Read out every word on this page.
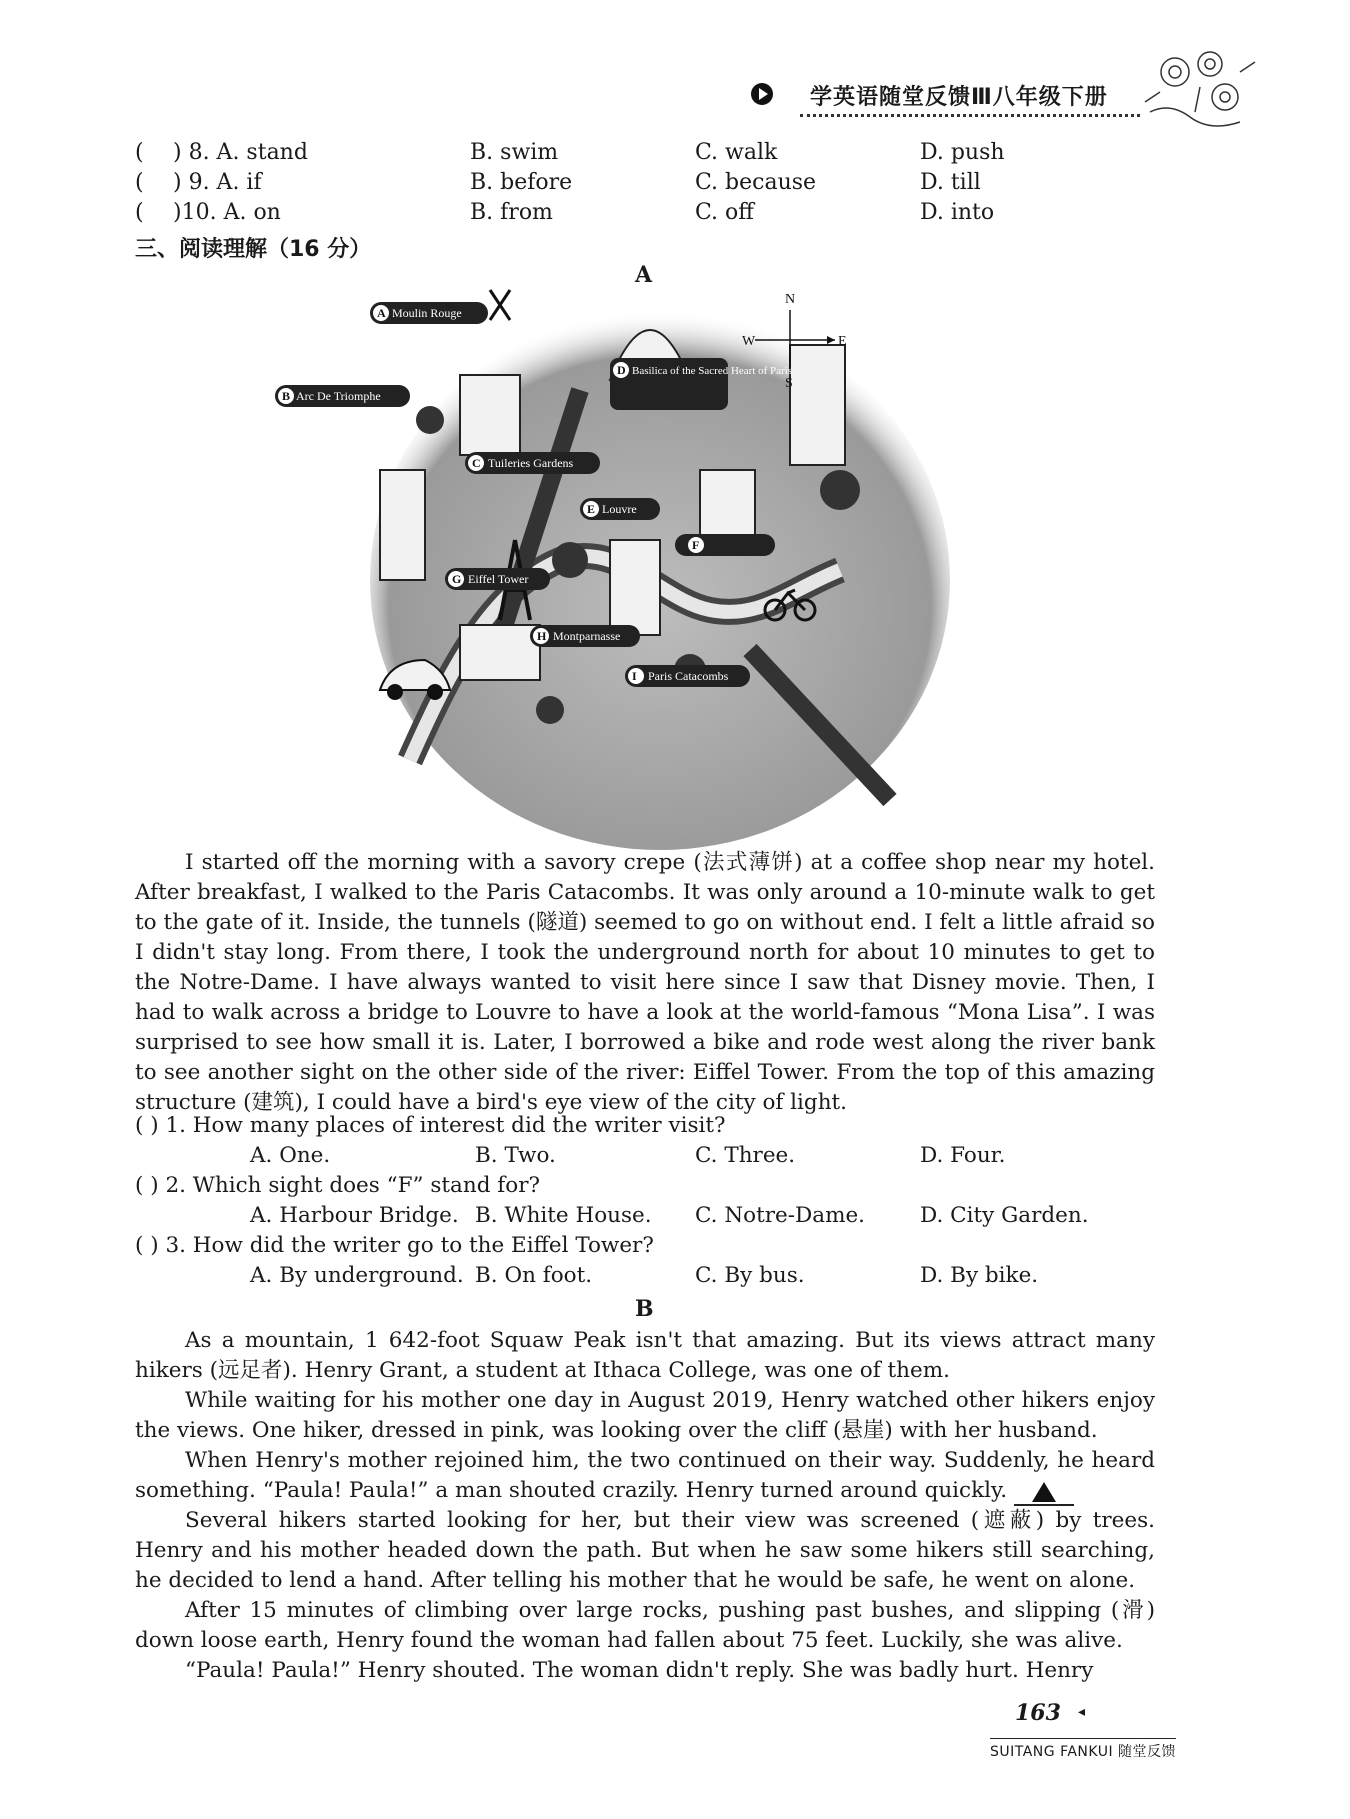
学英语随堂反馈Ⅲ八年级下册
( ) 8. A. stand	B. swim	C. walk	D. push
( ) 9. A. if	B. before	C. because	D. till
( )10. A. on	B. from	C. off	D. into
三、阅读理解（16 分）
A
N
S
W	E
A Moulin Rouge
B Arc De Triomphe
C Tuileries Gardens
D Basilica of the Sacred Heart of Paris
E Louvre
F
G Eiffel Tower
H Montparnasse
I Paris Catacombs

I started off the morning with a savory crepe (法式薄饼) at a coffee shop near my hotel. After breakfast, I walked to the Paris Catacombs. It was only around a 10-minute walk to get to the gate of it. Inside, the tunnels (隧道) seemed to go on without end. I felt a little afraid so I didn't stay long. From there, I took the underground north for about 10 minutes to get to the Notre-Dame. I have always wanted to visit here since I saw that Disney movie. Then, I had to walk across a bridge to Louvre to have a look at the world-famous “Mona Lisa”. I was surprised to see how small it is. Later, I borrowed a bike and rode west along the river bank to see another sight on the other side of the river: Eiffel Tower. From the top of this amazing structure (建筑), I could have a bird's eye view of the city of light.

( ) 1. How many places of interest did the writer visit?
A. One.	B. Two.	C. Three.	D. Four.
( ) 2. Which sight does “F” stand for?
A. Harbour Bridge. B. White House. C. Notre-Dame.	D. City Garden.
( ) 3. How did the writer go to the Eiffel Tower?
A. By underground. B. On foot.	C. By bus.	D. By bike.
B

As a mountain, 1 642-foot Squaw Peak isn't that amazing. But its views attract many hikers (远足者). Henry Grant, a student at Ithaca College, was one of them.

While waiting for his mother one day in August 2019, Henry watched other hikers enjoy the views. One hiker, dressed in pink, was looking over the cliff (悬崖) with her husband.

When Henry's mother rejoined him, the two continued on their way. Suddenly, he heard something. “Paula! Paula!” a man shouted crazily. Henry turned around quickly.

Several hikers started looking for her, but their view was screened (遮蔽) by trees. Henry and his mother headed down the path. But when he saw some hikers still searching, he decided to lend a hand. After telling his mother that he would be safe, he went on alone.

After 15 minutes of climbing over large rocks, pushing past bushes, and slipping (滑) down loose earth, Henry found the woman had fallen about 75 feet. Luckily, she was alive.

“Paula! Paula!” Henry shouted. The woman didn't reply. She was badly hurt. Henry

163 ◂
SUITANG FANKUI 随堂反馈
